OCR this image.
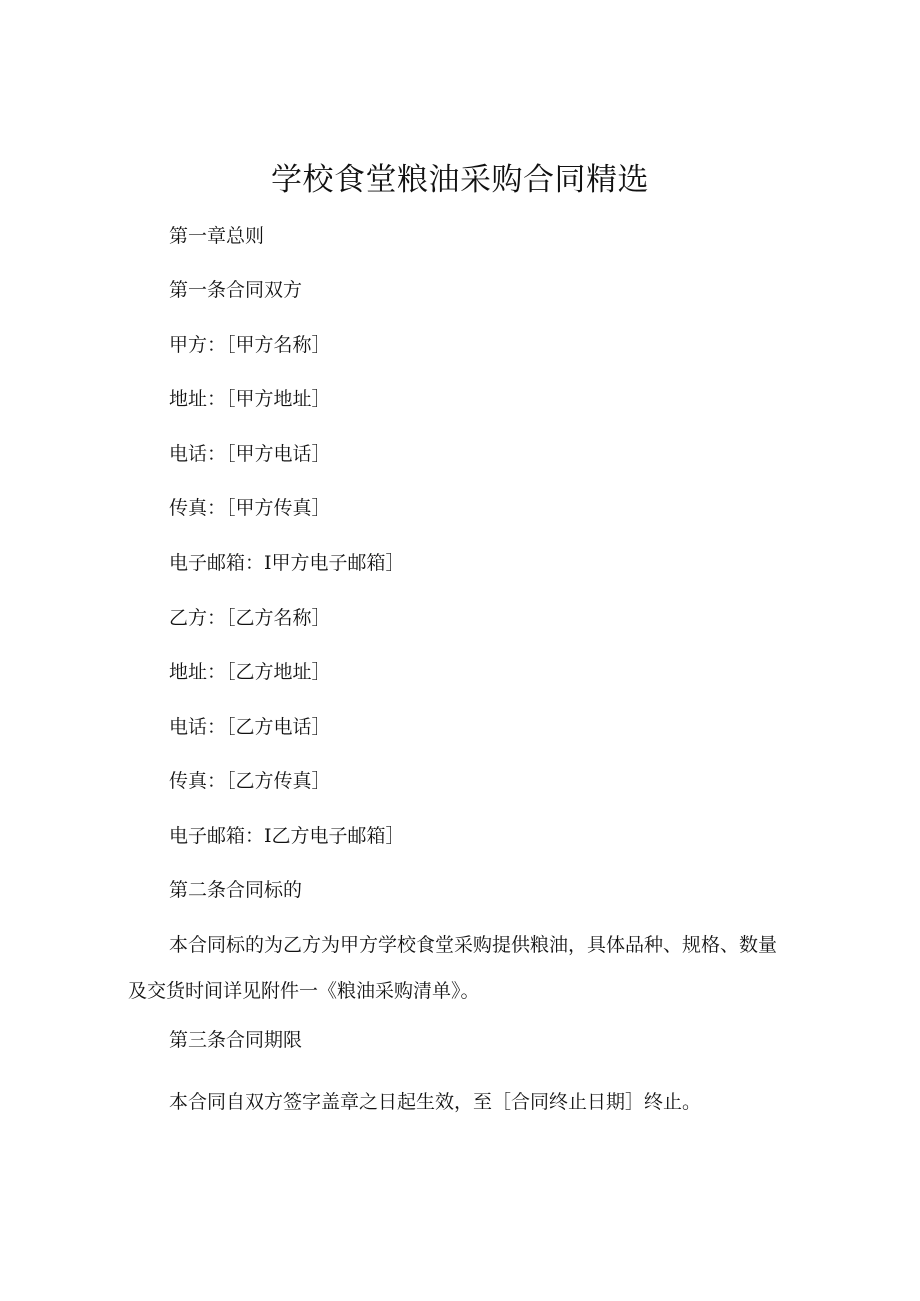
学校食堂粮油采购合同精选
第一章总则
第一条合同双方
甲方：［甲方名称］
地址：［甲方地址］
电话：［甲方电话］
传真：［甲方传真］
电子邮箱：I甲方电子邮箱］
乙方：［乙方名称］
地址：［乙方地址］
电话：［乙方电话］
传真：［乙方传真］
电子邮箱：I乙方电子邮箱］
第二条合同标的
本合同标的为乙方为甲方学校食堂采购提供粮油，具体品种、规格、数量及交货时间详见附件一《粮油采购清单》。
第三条合同期限
本合同自双方签字盖章之日起生效，至［合同终止日期］终止。
